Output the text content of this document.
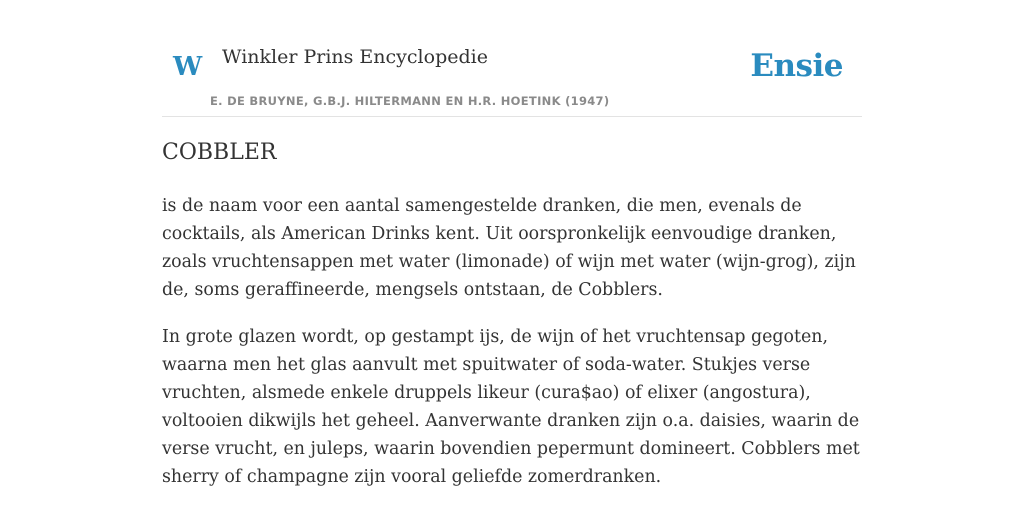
W Winkler Prins Encyclopedie
E. DE BRUYNE, G.B.J. HILTERMANN EN H.R. HOETINK (1947)
Ensie
COBBLER

is de naam voor een aantal samengestelde dranken, die men, evenals de cocktails, als American Drinks kent. Uit oorspronkelijk eenvoudige dranken, zoals vruchtensappen met water (limonade) of wijn met water (wijn-grog), zijn de, soms geraffineerde, mengsels ontstaan, de Cobblers.

In grote glazen wordt, op gestampt ijs, de wijn of het vruchtensap gegoten, waarna men het glas aanvult met spuitwater of soda-water. Stukjes verse vruchten, alsmede enkele druppels likeur (cura$ao) of elixer (angostura), voltooien dikwijls het geheel. Aanverwante dranken zijn o.a. daisies, waarin de verse vrucht, en juleps, waarin bovendien pepermunt domineert. Cobblers met sherry of champagne zijn vooral geliefde zomerdranken.
